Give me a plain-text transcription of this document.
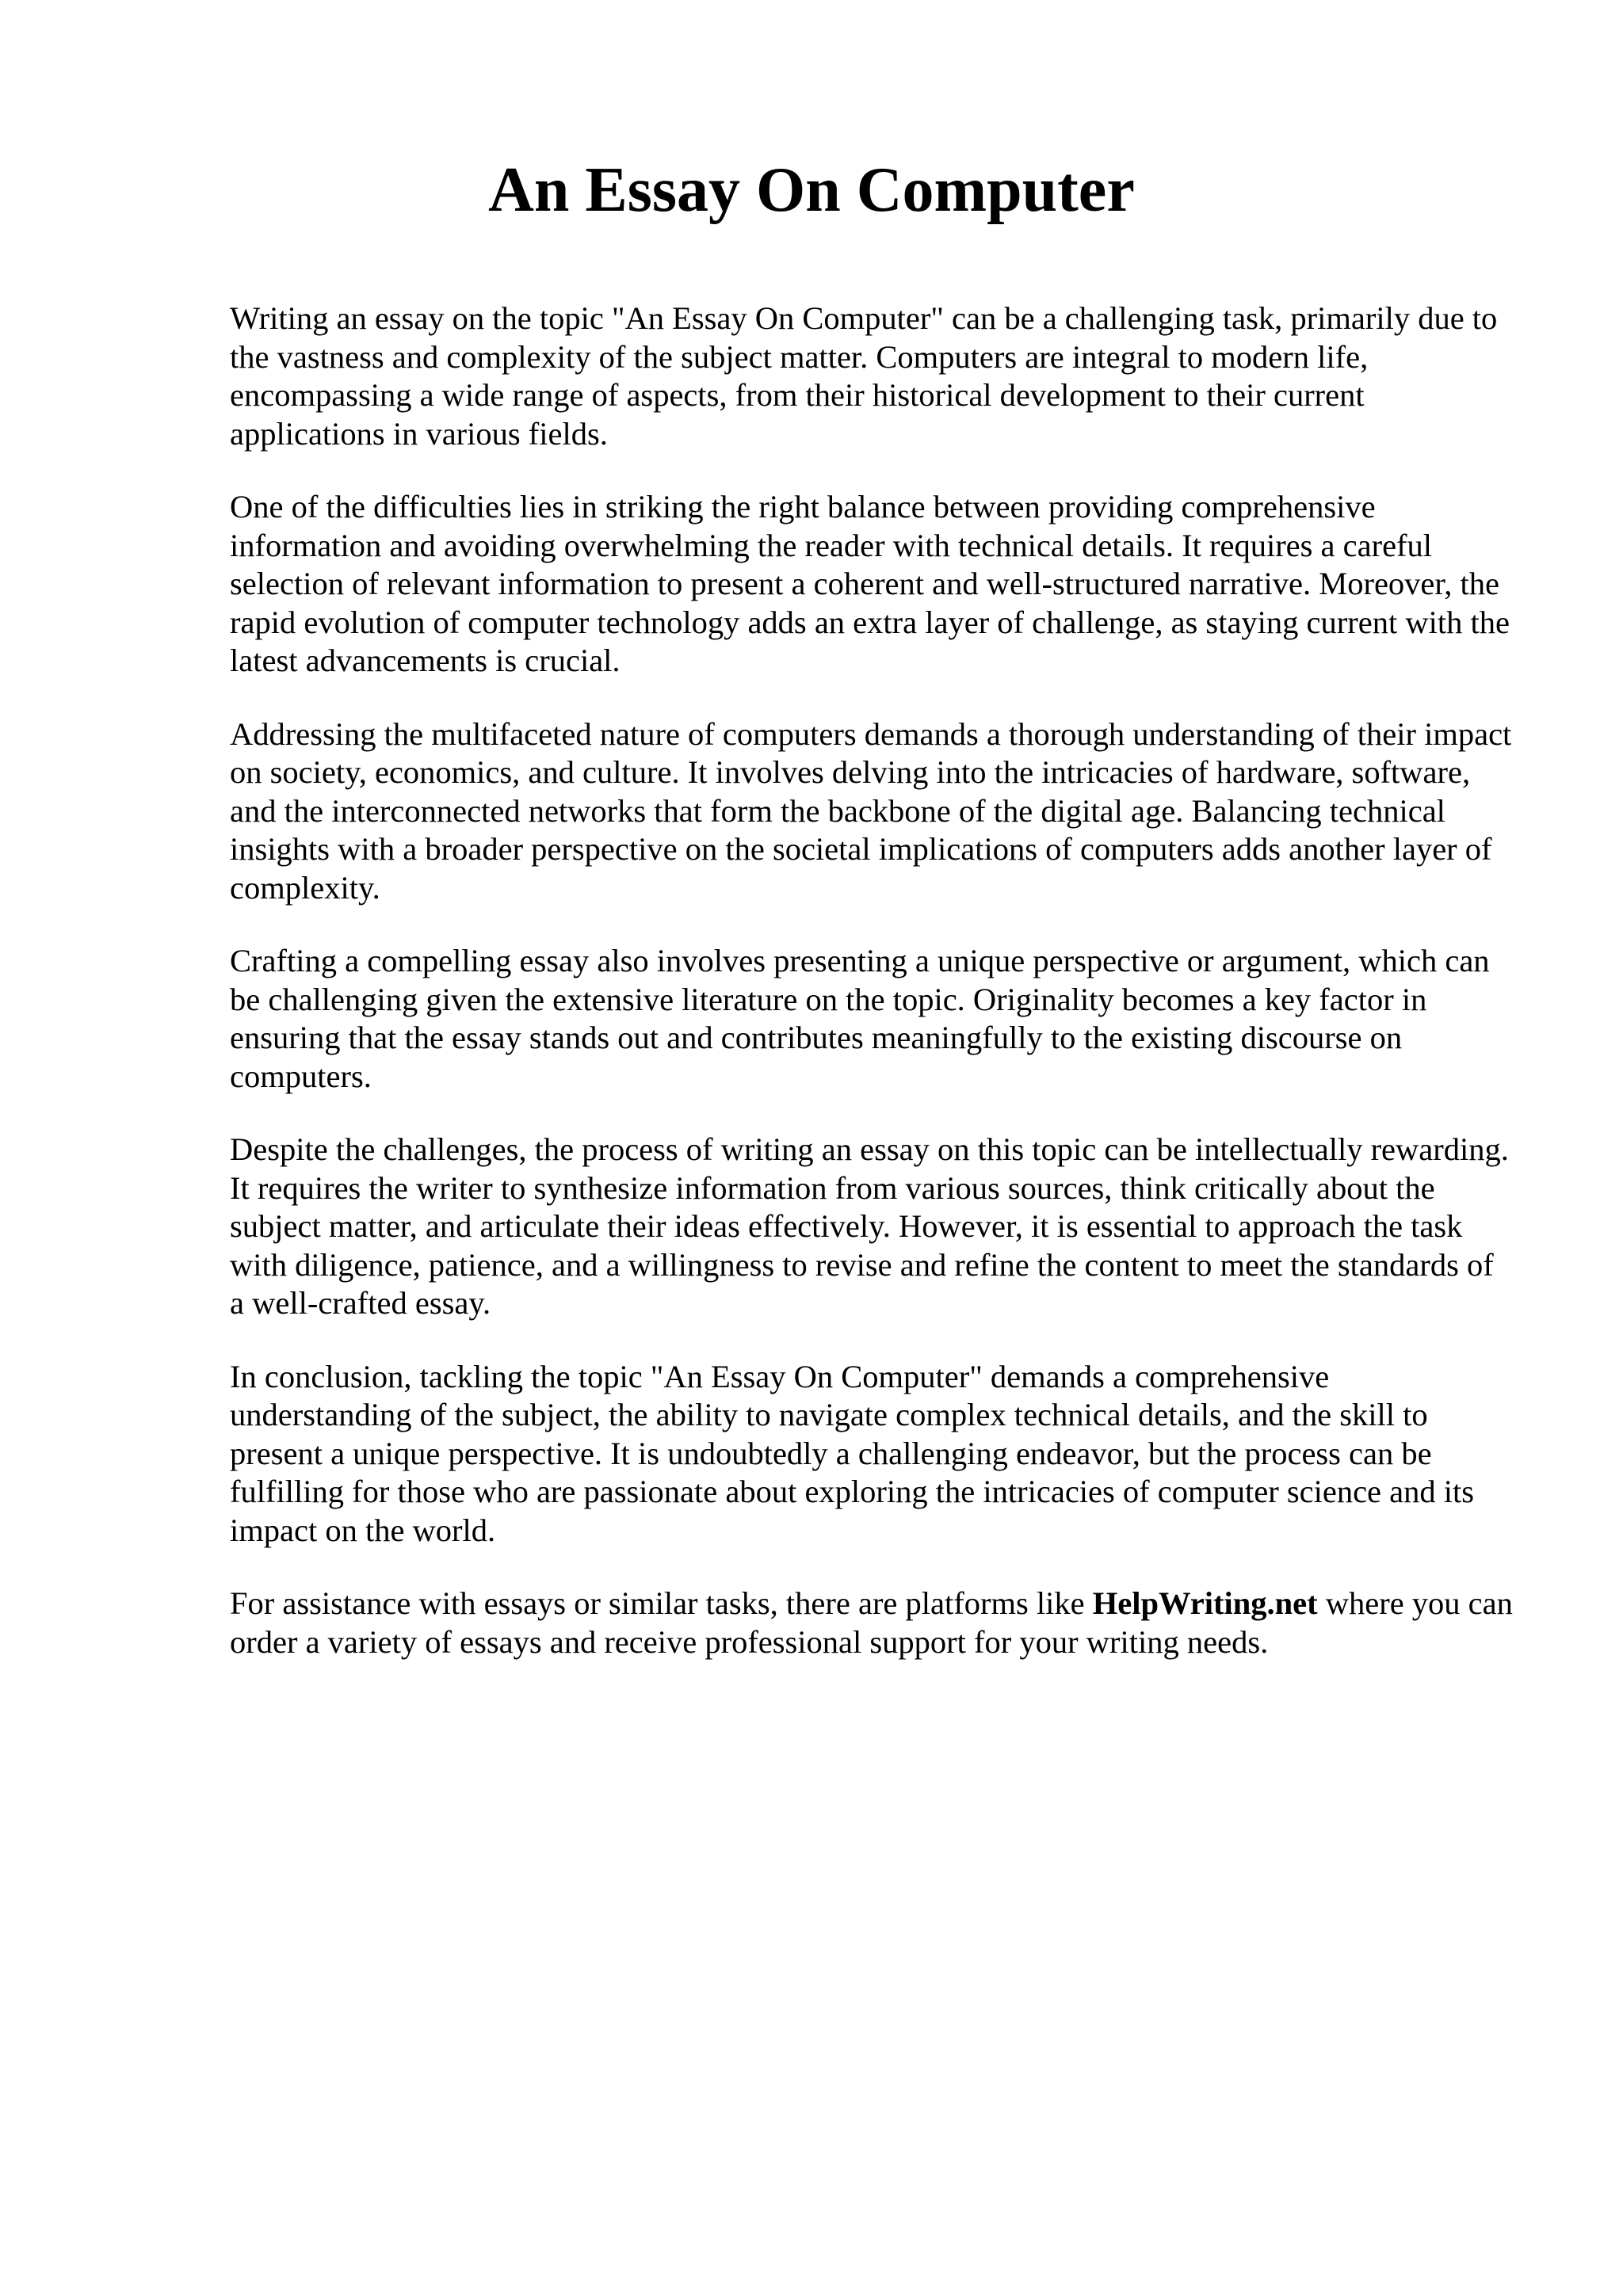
An Essay On Computer

Writing an essay on the topic "An Essay On Computer" can be a challenging task, primarily due to the vastness and complexity of the subject matter. Computers are integral to modern life, encompassing a wide range of aspects, from their historical development to their current applications in various fields.

One of the difficulties lies in striking the right balance between providing comprehensive information and avoiding overwhelming the reader with technical details. It requires a careful selection of relevant information to present a coherent and well-structured narrative. Moreover, the rapid evolution of computer technology adds an extra layer of challenge, as staying current with the latest advancements is crucial.

Addressing the multifaceted nature of computers demands a thorough understanding of their impact on society, economics, and culture. It involves delving into the intricacies of hardware, software, and the interconnected networks that form the backbone of the digital age. Balancing technical insights with a broader perspective on the societal implications of computers adds another layer of complexity.

Crafting a compelling essay also involves presenting a unique perspective or argument, which can be challenging given the extensive literature on the topic. Originality becomes a key factor in ensuring that the essay stands out and contributes meaningfully to the existing discourse on computers.

Despite the challenges, the process of writing an essay on this topic can be intellectually rewarding. It requires the writer to synthesize information from various sources, think critically about the subject matter, and articulate their ideas effectively. However, it is essential to approach the task with diligence, patience, and a willingness to revise and refine the content to meet the standards of a well-crafted essay.

In conclusion, tackling the topic "An Essay On Computer" demands a comprehensive understanding of the subject, the ability to navigate complex technical details, and the skill to present a unique perspective. It is undoubtedly a challenging endeavor, but the process can be fulfilling for those who are passionate about exploring the intricacies of computer science and its impact on the world.

For assistance with essays or similar tasks, there are platforms like HelpWriting.net where you can order a variety of essays and receive professional support for your writing needs.
